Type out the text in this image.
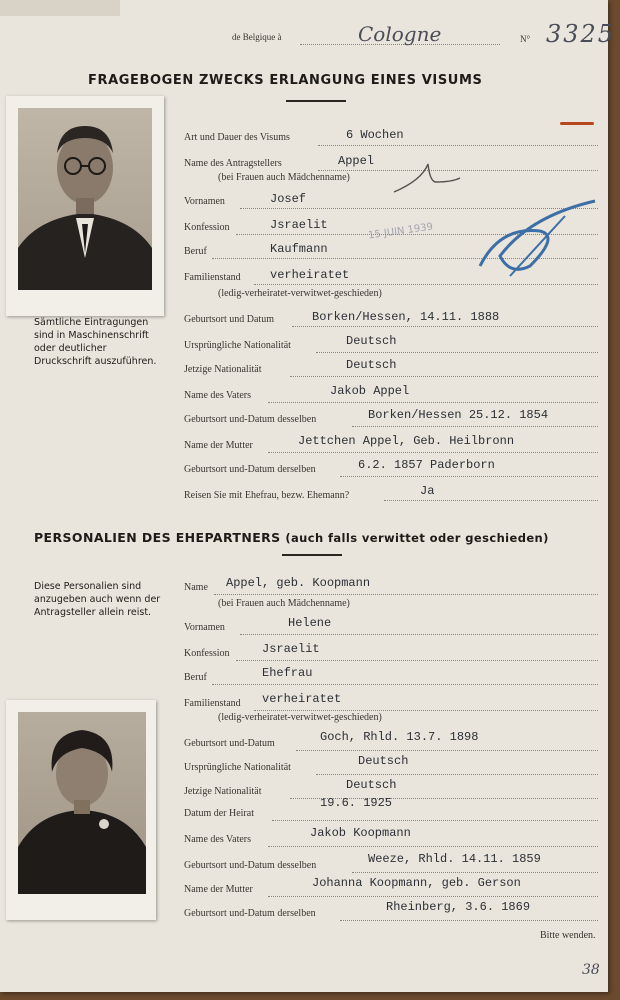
de Belgique à	Cologne	N° 3325
FRAGEBOGEN ZWECKS ERLANGUNG EINES VISUMS
Sämtliche Eintragungen sind in Maschinenschrift oder deutlicher Druckschrift auszuführen.
Art und Dauer des Visums	6 Wochen
Name des Antragstellers	Appel
(bei Frauen auch Mädchenname)
Vornamen	Josef
Konfession	Jsraelit
Beruf	Kaufmann
15 JUIN 1939
Familienstand verheiratet
(ledig-verheiratet-verwitwet-geschieden)
Geburtsort und Datum	Borken/Hessen, 14.11. 1888
Ursprüngliche Nationalität	Deutsch
Jetzige Nationalität	Deutsch
Name des Vaters	Jakob Appel
Geburtsort und-Datum desselben	Borken/Hessen 25.12. 1854
Name der Mutter	Jettchen Appel, Geb. Heilbronn
Geburtsort und-Datum derselben	6.2. 1857 Paderborn
Reisen Sie mit Ehefrau, bezw. Ehemann?	Ja
PERSONALIEN DES EHEPARTNERS (auch falls verwittet oder geschieden)
Diese Personalien sind anzugeben auch wenn der Antragsteller allein reist.
Name Appel, geb. Koopmann
(bei Frauen auch Mädchenname)
Vornamen	Helene
Konfession	Jsraelit
Beruf	Ehefrau
Familienstand verheiratet
(ledig-verheiratet-verwitwet-geschieden)
Geburtsort und-Datum	Goch, Rhld. 13.7. 1898
Ursprüngliche Nationalität	Deutsch
Jetzige Nationalität	Deutsch
Datum der Heirat
19.6. 1925
Name des Vaters	Jakob Koopmann
Geburtsort und-Datum desselben	Weeze, Rhld. 14.11. 1859
Name der Mutter	Johanna Koopmann, geb. Gerson
Geburtsort und-Datum derselben	Rheinberg, 3.6. 1869
Bitte wenden.
38
